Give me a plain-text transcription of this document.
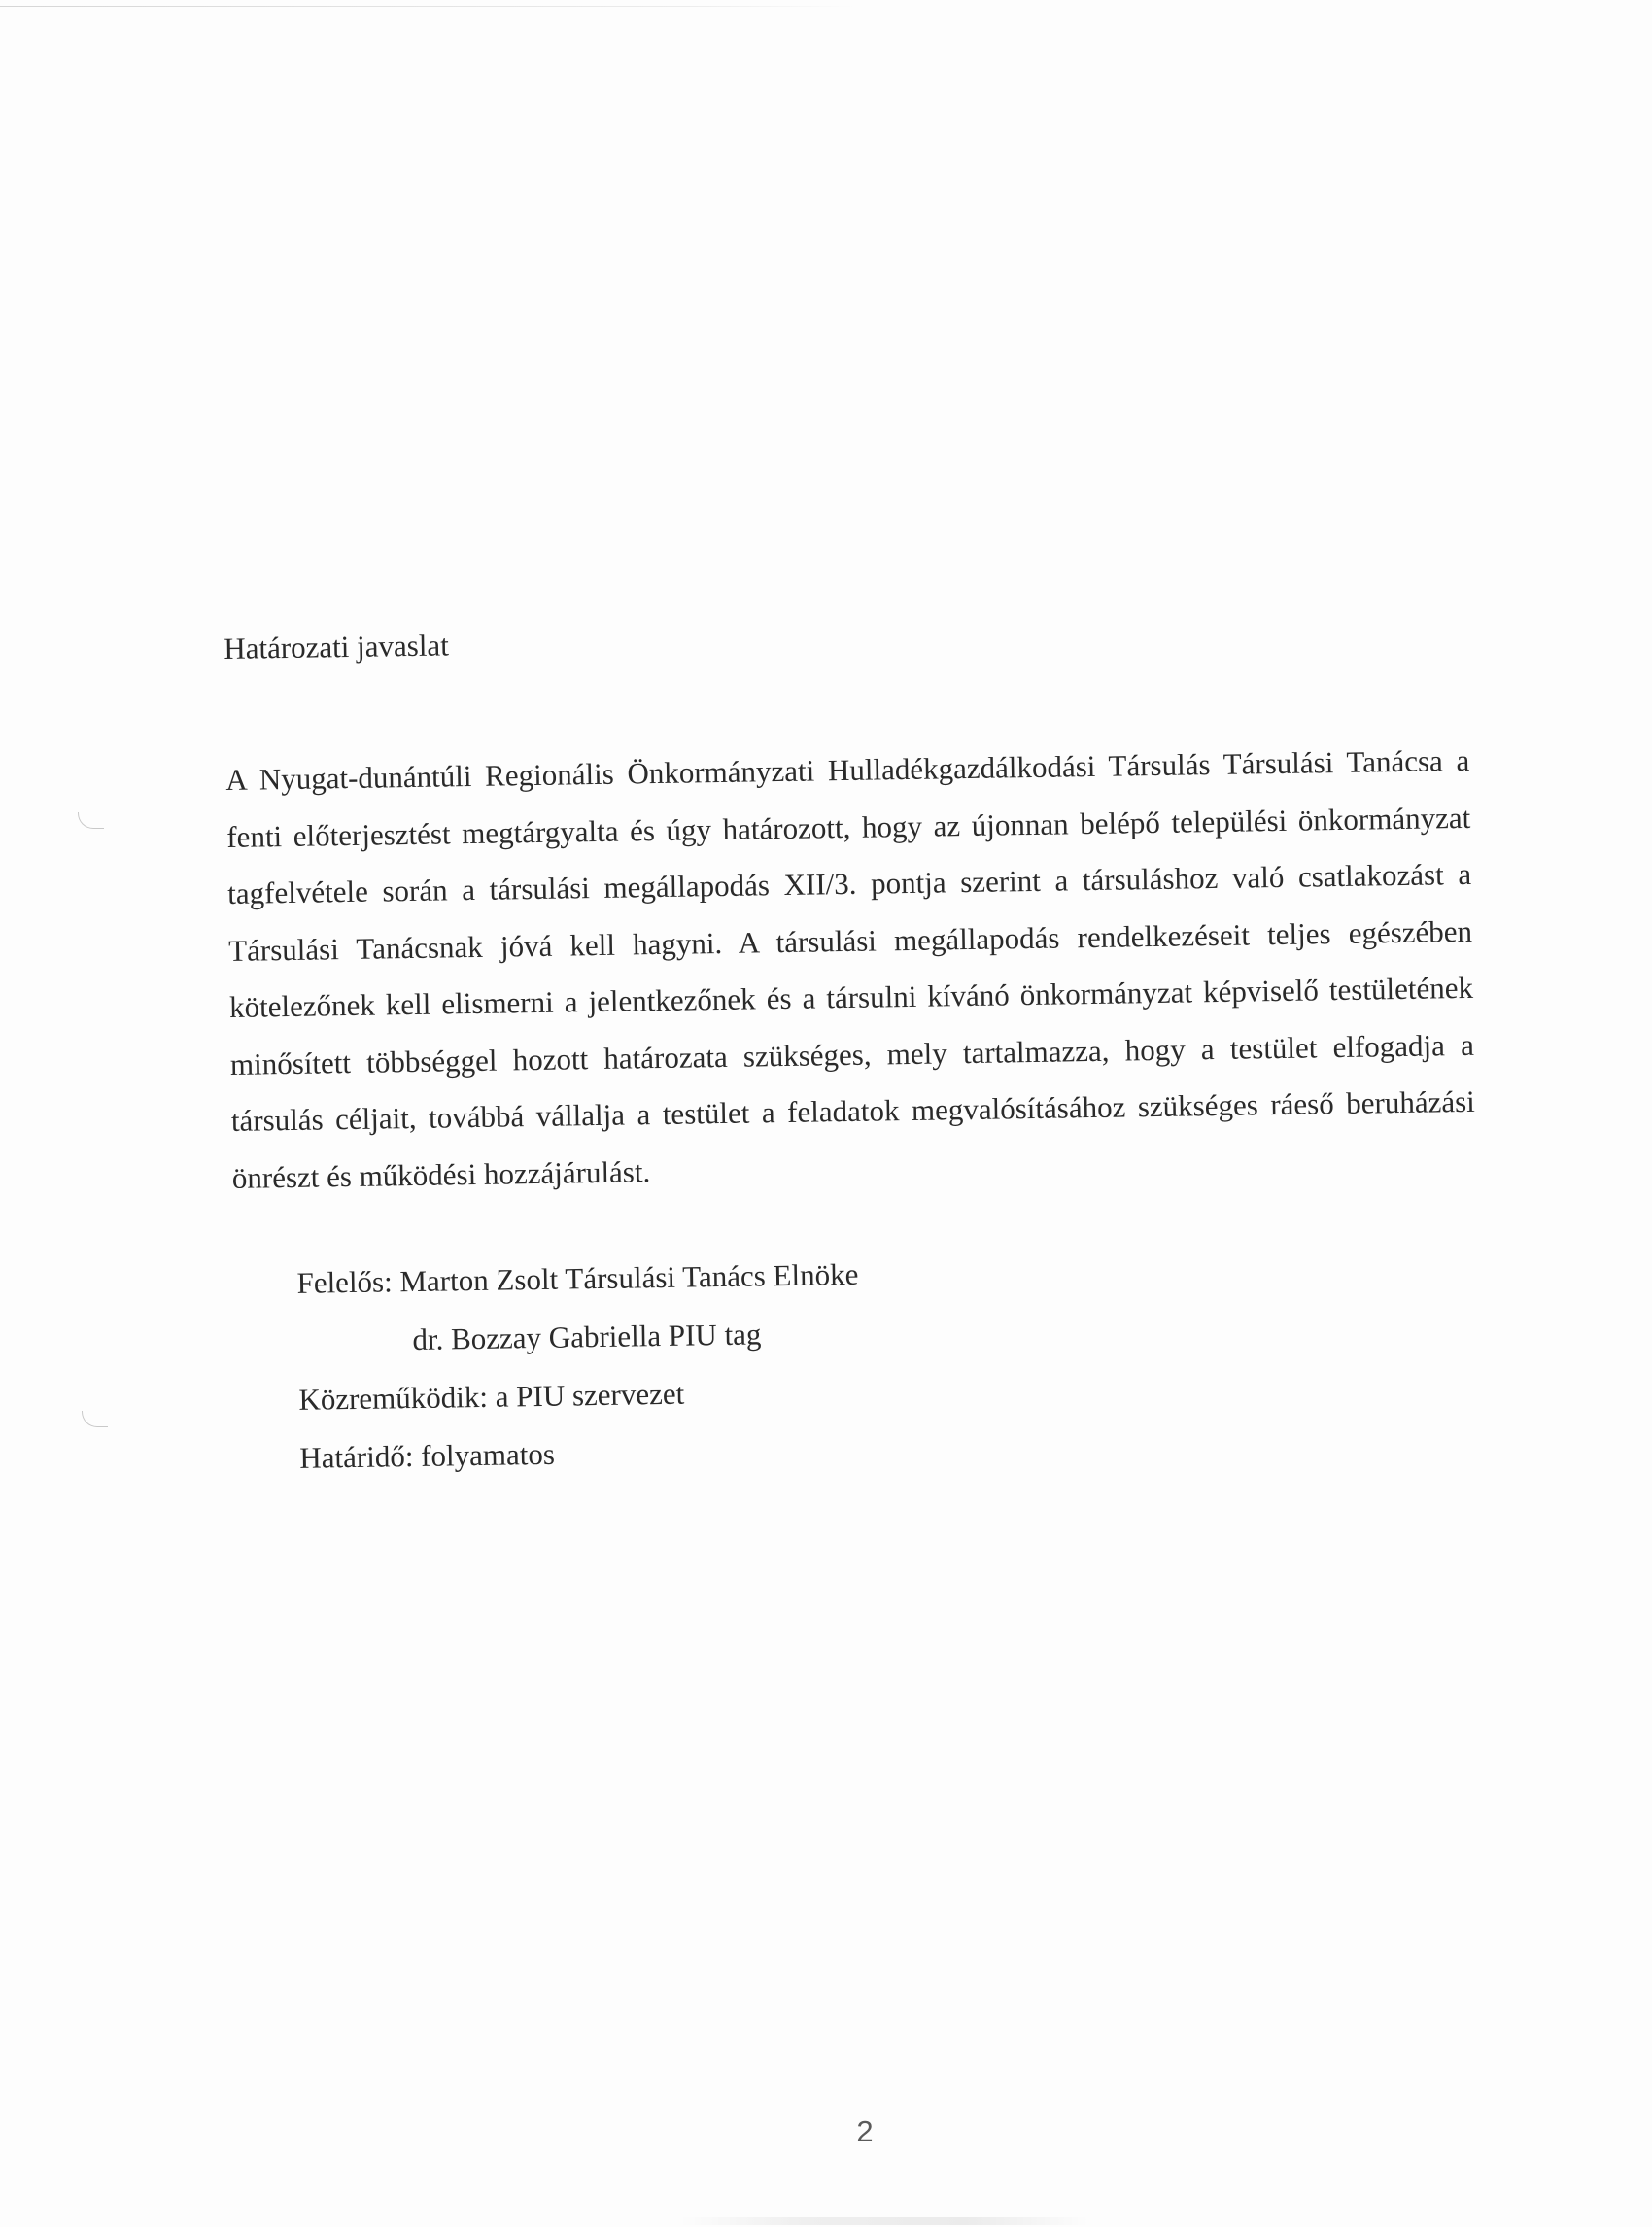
Határozati javaslat

A Nyugat-dunántúli Regionális Önkormányzati Hulladékgazdálkodási Társulás Társulási Tanácsa a fenti előterjesztést megtárgyalta és úgy határozott, hogy az újonnan belépő települési önkormányzat tagfelvétele során a társulási megállapodás XII/3. pontja szerint a társuláshoz való csatlakozást a Társulási Tanácsnak jóvá kell hagyni. A társulási megállapodás rendelkezéseit teljes egészében kötelezőnek kell elismerni a jelentkezőnek és a társulni kívánó önkormányzat képviselő testületének minősített többséggel hozott határozata szükséges, mely tartalmazza, hogy a testület elfogadja a társulás céljait, továbbá vállalja a testület a feladatok megvalósításához szükséges ráeső beruházási önrészt és működési hozzájárulást.

Felelős: Marton Zsolt Társulási Tanács Elnöke
dr. Bozzay Gabriella PIU tag
Közreműködik: a PIU szervezet
Határidő: folyamatos
2
